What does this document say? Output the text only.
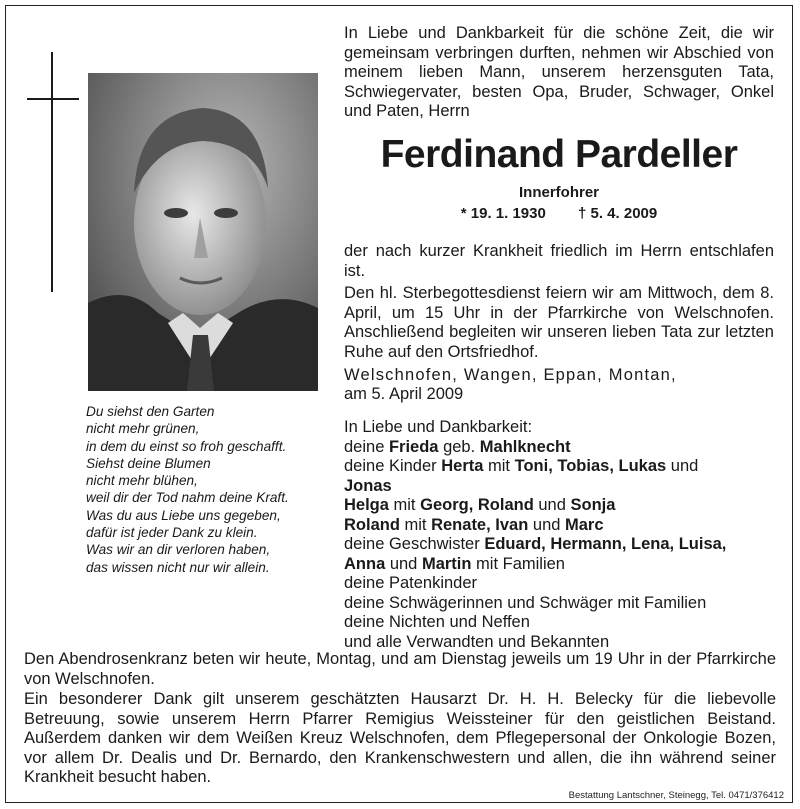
Du siehst den Garten
nicht mehr grünen,
in dem du einst so froh geschafft.
Siehst deine Blumen
nicht mehr blühen,
weil dir der Tod nahm deine Kraft.
Was du aus Liebe uns gegeben,
dafür ist jeder Dank zu klein.
Was wir an dir verloren haben,
das wissen nicht nur wir allein.
In Liebe und Dankbarkeit für die schöne Zeit, die wir gemeinsam verbringen durften, nehmen wir Abschied von meinem lieben Mann, unserem herzensguten Tata, Schwiegervater, besten Opa, Bruder, Schwager, Onkel und Paten, Herrn
Ferdinand Pardeller
Innerfohrer
* 19. 1. 1930 † 5. 4. 2009
der nach kurzer Krankheit friedlich im Herrn entschlafen ist.
Den hl. Sterbegottesdienst feiern wir am Mittwoch, dem 8. April, um 15 Uhr in der Pfarrkirche von Welschnofen. Anschließend begleiten wir unseren lieben Tata zur letzten Ruhe auf den Ortsfriedhof.
Welschnofen, Wangen, Eppan, Montan,
am 5. April 2009
In Liebe und Dankbarkeit:
deine Frieda geb. Mahlknecht
deine Kinder Herta mit Toni, Tobias, Lukas und
Jonas
Helga mit Georg, Roland und Sonja
Roland mit Renate, Ivan und Marc
deine Geschwister Eduard, Hermann, Lena, Luisa,
Anna und Martin mit Familien
deine Patenkinder
deine Schwägerinnen und Schwäger mit Familien
deine Nichten und Neffen
und alle Verwandten und Bekannten
Den Abendrosenkranz beten wir heute, Montag, und am Dienstag jeweils um 19 Uhr in der Pfarrkirche von Welschnofen.
Ein besonderer Dank gilt unserem geschätzten Hausarzt Dr. H. H. Belecky für die liebevolle Betreuung, sowie unserem Herrn Pfarrer Remigius Weissteiner für den geistlichen Beistand. Außerdem danken wir dem Weißen Kreuz Welschnofen, dem Pflegepersonal der Onkologie Bozen, vor allem Dr. Dealis und Dr. Bernardo, den Krankenschwestern und allen, die ihn während seiner Krankheit besucht haben.
Bestattung Lantschner, Steinegg, Tel. 0471/376412
